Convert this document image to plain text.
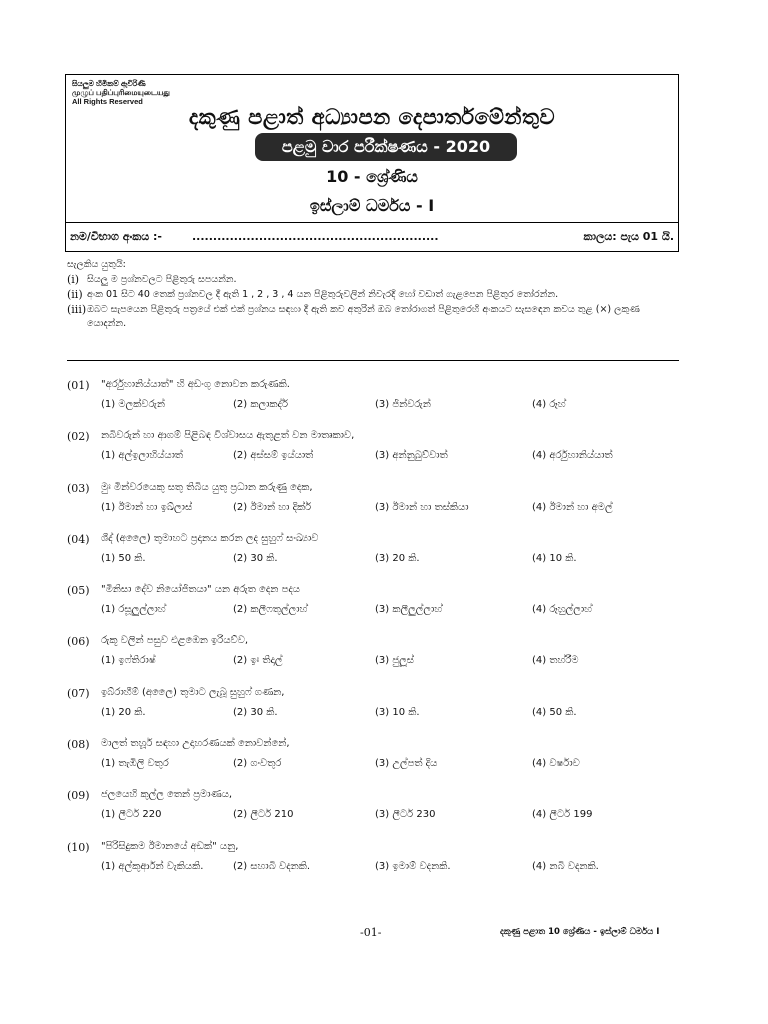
සියලුම හිමිකම් ඇවිරිණි
முழுப் பதிப்புரிமையுடையது
All Rights Reserved
දකුණු පළාත් අධ්‍යාපන දෙපාර්තමේන්තුව
පළමු වාර පරීක්ෂණය - 2020
10 - ශ්‍රේණිය
ඉස්ලාම් ධර්මය - I
නම/විභාග අංකය :-	...........................................................	කාලය: පැය 01 යි.
සැලකිය යුතුයි:
(i) සියලු ම ප්‍රශ්නවලට පිළිතුරු සපයන්න.
(ii) අංක 01 සිට 40 තෙක් ප්‍රශ්නවල දී ඇති 1 , 2 , 3 , 4 යන පිළිතුරුවලින් නිවැරදි හෝ වඩාත් ගැළපෙන පිළිතුර තෝරන්න.
(iii) ඔබට සැපයෙන පිළිතුරු පත්‍රයේ එක් එක් ප්‍රශ්නය සඳහා දී ඇති කව අතුරින් ඔබ තෝරාගත් පිළිතුරෙහි අංකයට සැසඳෙන කවය තුළ (×) ලකුණ යොදන්න.
(01) "අර්රුහානිය්යාත්" හි අඩංගු නොවන කරුණකි.
(1) මලක්වරුන්	(2) කලාකද්ර්	(3) ජින්වරුන්	(4) රූහ්
(02) නබිවරුන් හා ආගම් පිළිබඳ විශ්වාසය ඇතුළත් වන මාතෘකාව,
(1) අල්ඉලාහිය්යාත්	(2) අස්සම් ඉය්යාත්	(3) අන්නුබුව්වාත්	(4) අර්රුහානිය්යාත්
(03) මුඃ මින්වරයෙකු සතු තිබිය යුතු ප්‍රධාන කරුණු දෙක,
(1) ඊමාන් හා ඉඛ්ලාස්	(2) ඊමාන් හා දික්ර්	(3) ඊමාන් හා තස්කියා	(4) ඊමාන් හා අමල්
(04) ශීද් (අලෛ) තුමාහට ප්‍රදානය කරන ලද සුහුෆ් සංඛ්‍යාව
(1) 50 කි.	(2) 30 කි.	(3) 20 කි.	(4) 10 කි.
(05) "මිනිසා දේව නියෝජිතයා" යන අරුත දෙන පදය
(1) රසූලුල්ලාහ්	(2) කලීෆතුල්ලාහ්	(3) කලීලුල්ලාහ්	(4) රූහුල්ලාහ්
(06) රුකූ වලින් පසුව එළඹෙන ඉරියව්ව,
(1) ඉෆ්තිරාෂ්	(2) ඉඃ තිදාල්	(3) ජුලූස්	(4) තහ්රීම
(07) ඉබ්රාහීම් (අලෛ) තුමාට ලැබූ සුහුෆ් ගණන,
(1) 20 කි.	(2) 30 කි.	(3) 10 කි.	(4) 50 කි.
(08) මාලත් තහූර් සඳහා උදාහරණයක් නොවන්නේ,
(1) තැඹිලි වතුර	(2) ගංවතුර	(3) උල්පත් දිය	(4) වර්ෂාව
(09) ජලයෙහි කුල්ල තෙන් ප්‍රමාණය,
(1) ලීටර් 220	(2) ලීටර් 210	(3) ලීටර් 230	(4) ලීටර් 199
(10) "පිරිසිදුකම ඊමානයේ අඩක්" යනු,
(1) අල්කුර්ආන් වැකියකි.	(2) සහාබි වදනකි.	(3) ඉමාම් වදනකි.	(4) නබි වදනකි.
-01-	දකුණු පළාත 10 ශ්‍රේණිය - ඉස්ලාම් ධර්මය I
